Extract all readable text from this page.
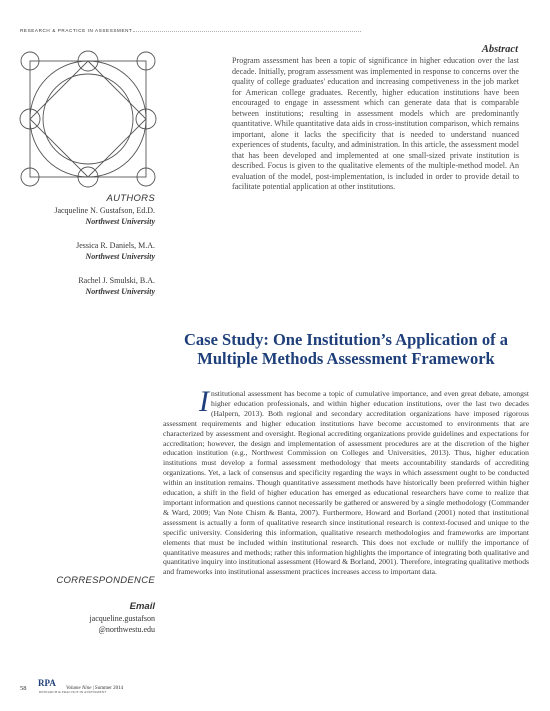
RESEARCH & PRACTICE IN ASSESSMENT
Abstract

Program assessment has been a topic of significance in higher education over the last decade. Initially, program assessment was implemented in response to concerns over the quality of college graduates' education and increasing competiveness in the job market for American college graduates. Recently, higher education institutions have been encouraged to engage in assessment which can generate data that is comparable between institutions; resulting in assessment models which are predominantly quantitative. While quantitative data aids in cross-institution comparison, which remains important, alone it lacks the specificity that is needed to understand nuanced experiences of students, faculty, and administration. In this article, the assessment model that has been developed and implemented at one small-sized private institution is described. Focus is given to the qualitative elements of the multiple-method model. An evaluation of the model, post-implementation, is included in order to provide detail to facilitate potential application at other institutions.

AUTHORS
Jacqueline N. Gustafson, Ed.D.
Northwest University
Jessica R. Daniels, M.A.
Northwest University
Rachel J. Smulski, B.A.
Northwest University
Case Study: One Institution’s Application of a Multiple Methods Assessment Framework

Institutional assessment has become a topic of cumulative importance, and even great debate, amongst higher education professionals, and within higher education institutions, over the last two decades (Halpern, 2013). Both regional and secondary accreditation organizations have imposed rigorous assessment requirements and higher education institutions have become accustomed to environments that are characterized by assessment and oversight. Regional accrediting organizations provide guidelines and expectations for accreditation; however, the design and implementation of assessment procedures are at the discretion of the higher education institution (e.g., Northwest Commission on Colleges and Universities, 2013). Thus, higher education institutions must develop a formal assessment methodology that meets accountability standards of accrediting organizations. Yet, a lack of consensus and specificity regarding the ways in which assessment ought to be conducted within an institution remains. Though quantitative assessment methods have historically been preferred within higher education, a shift in the field of higher education has emerged as educational researchers have come to realize that important information and questions cannot necessarily be gathered or answered by a single methodology (Commander & Ward, 2009; Van Note Chism & Banta, 2007). Furthermore, Howard and Borland (2001) noted that institutional assessment is actually a form of qualitative research since institutional research is context-focused and unique to the specific university. Considering this information, qualitative research methodologies and frameworks are important elements that must be included within institutional research. This does not exclude or nullify the importance of quantitative measures and methods; rather this information highlights the importance of integrating both qualitative and quantitative inquiry into institutional assessment (Howard & Borland, 2001). Therefore, integrating qualitative methods and frameworks into institutional assessment practices increases access to important data.

CORRESPONDENCE
Email
jacqueline.gustafson
@northwestu.edu
58
RPA
RESEARCH & PRACTICE IN ASSESSMENT
Volume Nine | Summer 2014
